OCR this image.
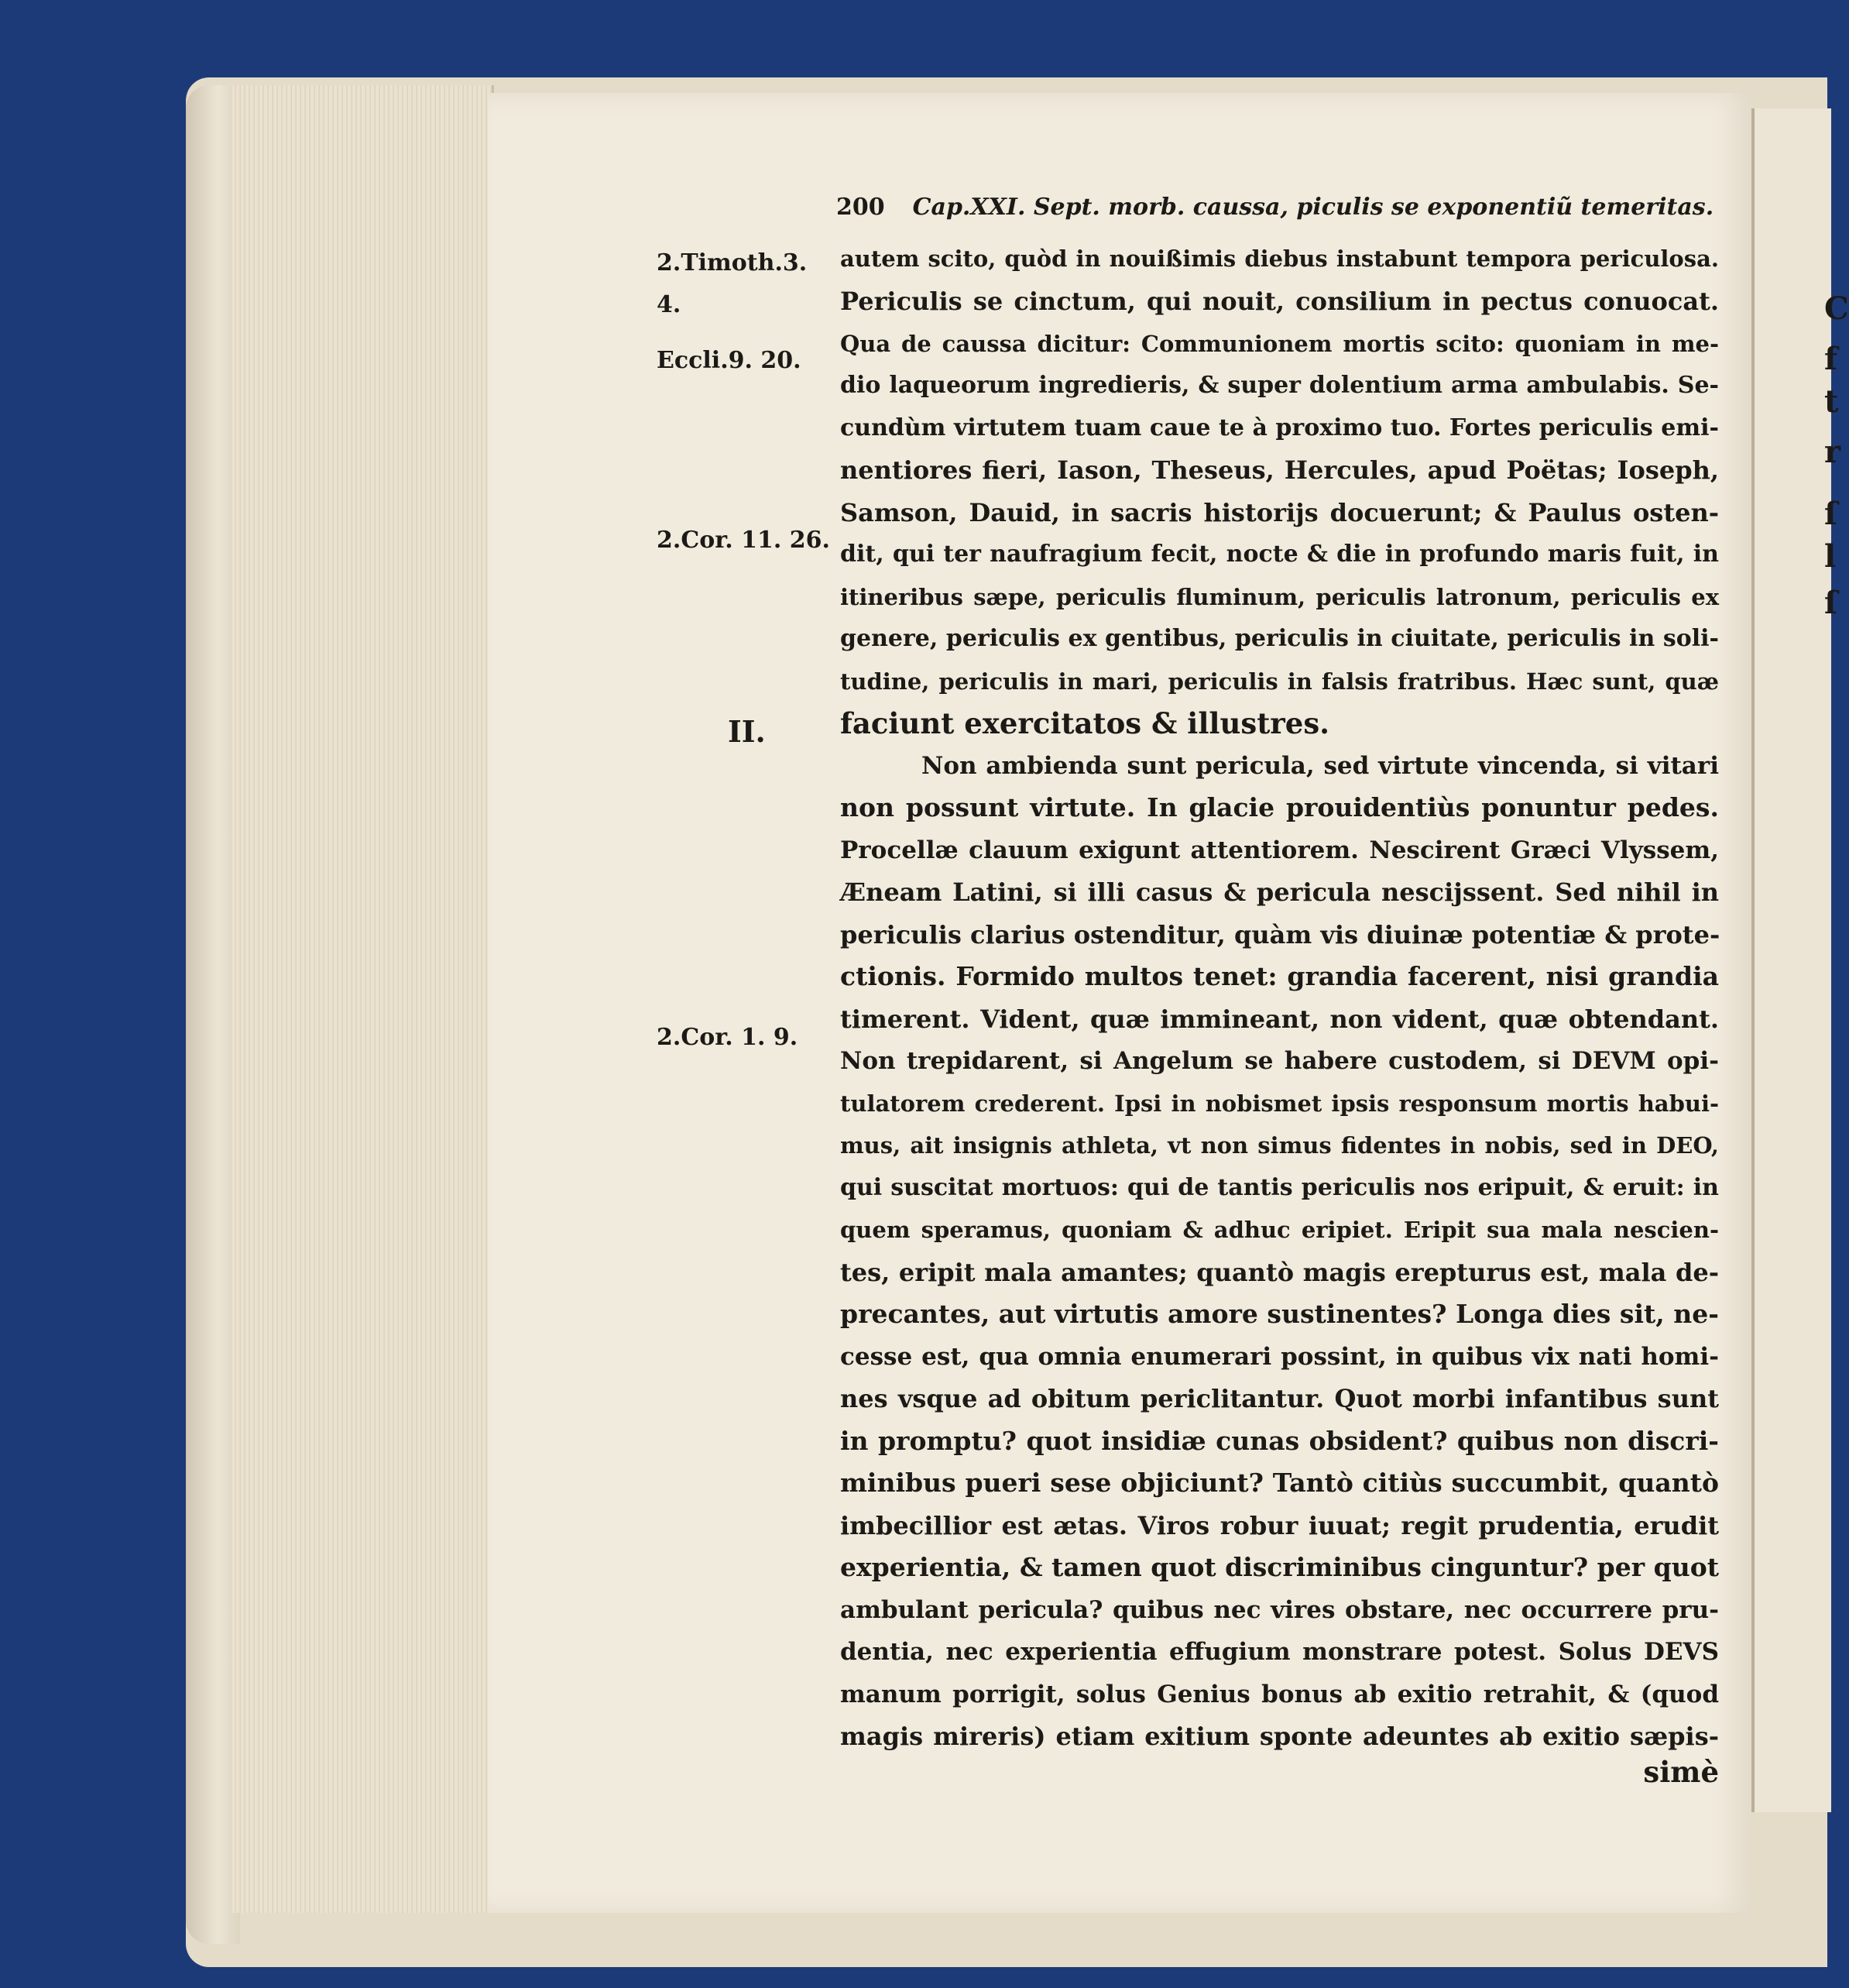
C
f
t
r
ſ
l
ſ
200 Cap.XXI. Sept. morb. caussa, piculis se exponentiũ temeritas.
2.Timoth.3.
4.
Eccli.9. 20.
2.Cor. 11. 26.
2.Cor. 1. 9.
II.
autem scito, quòd in nouißimis diebus instabunt tempora periculosa.
Periculis se cinctum, qui nouit, consilium in pectus conuocat.
Qua de caussa dicitur: Communionem mortis scito: quoniam in me-
dio laqueorum ingredieris, & super dolentium arma ambulabis. Se-
cundùm virtutem tuam caue te à proximo tuo. Fortes periculis emi-
nentiores fieri, Iason, Theseus, Hercules, apud Poëtas; Ioseph,
Samson, Dauid, in sacris historijs docuerunt; & Paulus osten-
dit, qui ter naufragium fecit, nocte & die in profundo maris fuit, in
itineribus sæpe, periculis fluminum, periculis latronum, periculis ex
genere, periculis ex gentibus, periculis in ciuitate, periculis in soli-
tudine, periculis in mari, periculis in falsis fratribus. Hæc sunt, quæ
faciunt exercitatos & illustres.
Non ambienda sunt pericula, sed virtute vincenda, si vitari
non possunt virtute. In glacie prouidentiùs ponuntur pedes.
Procellæ clauum exigunt attentiorem. Nescirent Græci Vlyssem,
Æneam Latini, si illi casus & pericula nescijssent. Sed nihil in
periculis clarius ostenditur, quàm vis diuinæ potentiæ & prote-
ctionis. Formido multos tenet: grandia facerent, nisi grandia
timerent. Vident, quæ immineant, non vident, quæ obtendant.
Non trepidarent, si Angelum se habere custodem, si DEVM opi-
tulatorem crederent. Ipsi in nobismet ipsis responsum mortis habui-
mus, ait insignis athleta, vt non simus fidentes in nobis, sed in DEO,
qui suscitat mortuos: qui de tantis periculis nos eripuit, & eruit: in
quem speramus, quoniam & adhuc eripiet. Eripit sua mala nescien-
tes, eripit mala amantes; quantò magis erepturus est, mala de-
precantes, aut virtutis amore sustinentes? Longa dies sit, ne-
cesse est, qua omnia enumerari possint, in quibus vix nati homi-
nes vsque ad obitum periclitantur. Quot morbi infantibus sunt
in promptu? quot insidiæ cunas obsident? quibus non discri-
minibus pueri sese objiciunt? Tantò citiùs succumbit, quantò
imbecillior est ætas. Viros robur iuuat; regit prudentia, erudit
experientia, & tamen quot discriminibus cinguntur? per quot
ambulant pericula? quibus nec vires obstare, nec occurrere pru-
dentia, nec experientia effugium monstrare potest. Solus DEVS
manum porrigit, solus Genius bonus ab exitio retrahit, & (quod
magis mireris) etiam exitium sponte adeuntes ab exitio sæpis-
simè
